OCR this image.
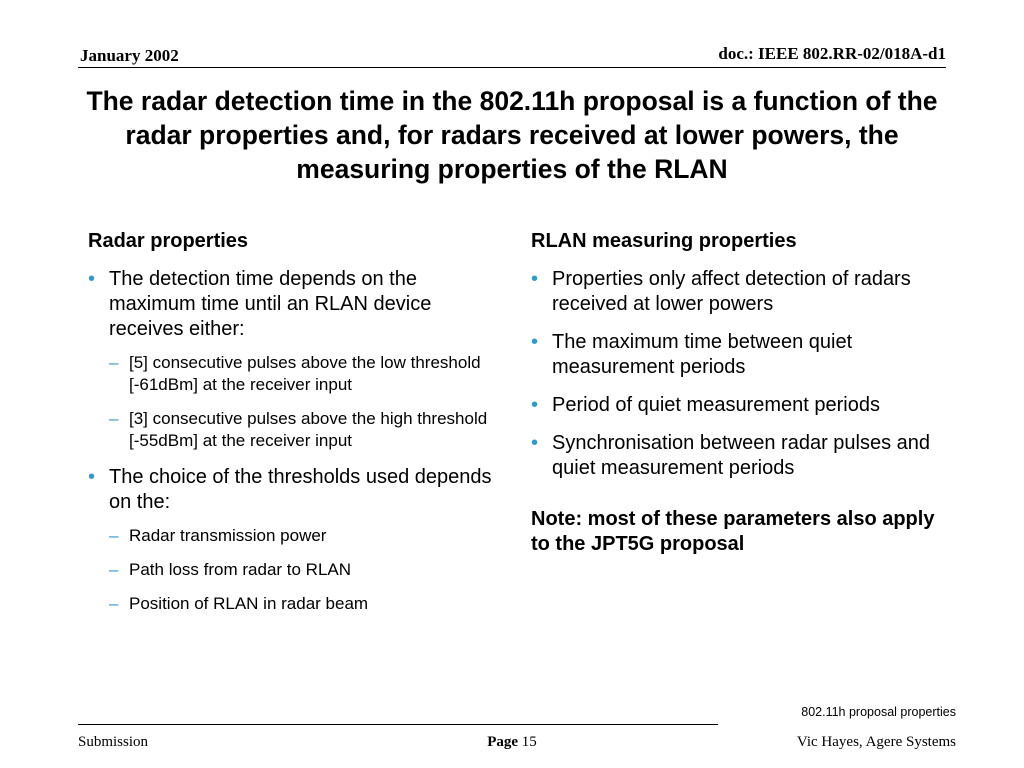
January 2002	doc.: IEEE 802.RR-02/018A-d1
The radar detection time in the 802.11h proposal is a function of the radar properties and, for radars received at lower powers, the measuring properties of the RLAN
Radar properties
• The detection time depends on the maximum time until an RLAN device receives either:
– [5] consecutive pulses above the low threshold [-61dBm] at the receiver input
– [3] consecutive pulses above the high threshold [-55dBm] at the receiver input
• The choice of the thresholds used depends on the:
– Radar transmission power
– Path loss from radar to RLAN
– Position of RLAN in radar beam
RLAN measuring properties
• Properties only affect detection of radars received at lower powers
• The maximum time between quiet measurement periods
• Period of quiet measurement periods
• Synchronisation between radar pulses and quiet measurement periods
Note: most of these parameters also apply to the JPT5G proposal
802.11h proposal properties
Submission	Page 15	Vic Hayes, Agere Systems
